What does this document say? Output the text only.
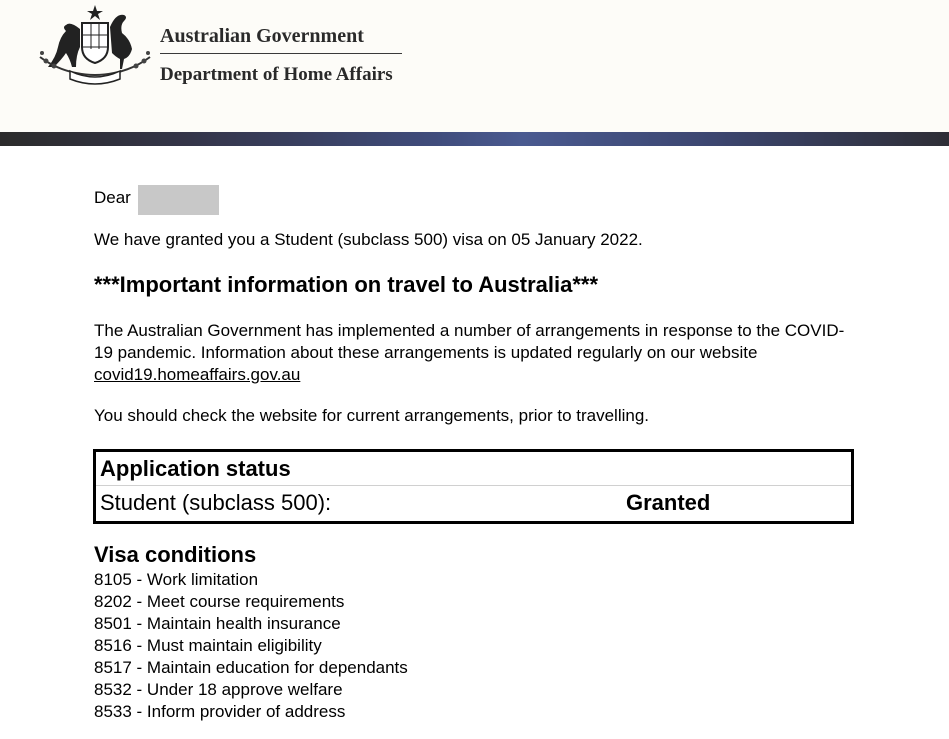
Australian Government
Department of Home Affairs
Dear
We have granted you a Student (subclass 500) visa on 05 January 2022.
***Important information on travel to Australia***
The Australian Government has implemented a number of arrangements in response to the COVID-19 pandemic. Information about these arrangements is updated regularly on our website covid19.homeaffairs.gov.au
You should check the website for current arrangements, prior to travelling.
Application status
Student (subclass 500):	Granted
Visa conditions
8105 - Work limitation
8202 - Meet course requirements
8501 - Maintain health insurance
8516 - Must maintain eligibility
8517 - Maintain education for dependants
8532 - Under 18 approve welfare
8533 - Inform provider of address
